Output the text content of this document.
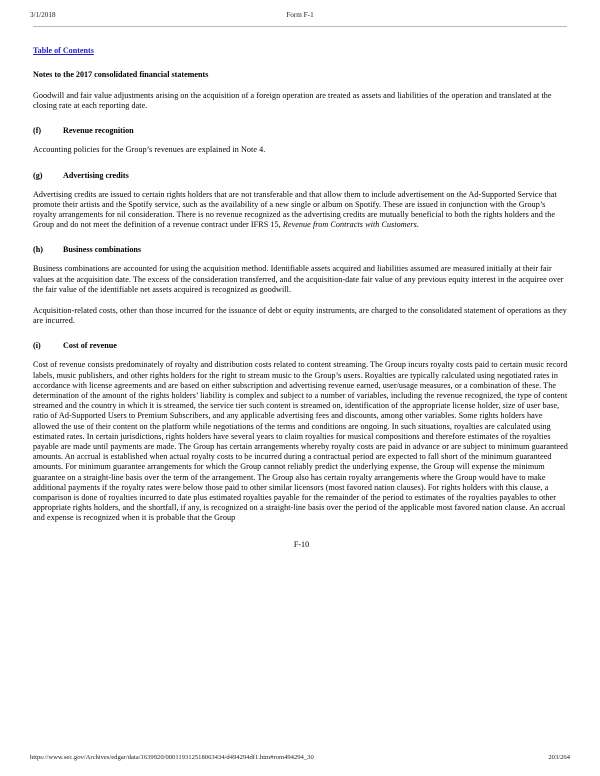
3/1/2018	Form F-1
Table of Contents
Notes to the 2017 consolidated financial statements

Goodwill and fair value adjustments arising on the acquisition of a foreign operation are treated as assets and liabilities of the operation and translated at the closing rate at each reporting date.

(f)	Revenue recognition

Accounting policies for the Group’s revenues are explained in Note 4.

(g)	Advertising credits

Advertising credits are issued to certain rights holders that are not transferable and that allow them to include advertisement on the Ad-Supported Service that promote their artists and the Spotify service, such as the availability of a new single or album on Spotify. These are issued in conjunction with the Group’s royalty arrangements for nil consideration. There is no revenue recognized as the advertising credits are mutually beneficial to both the rights holders and the Group and do not meet the definition of a revenue contract under IFRS 15, Revenue from Contracts with Customers.

(h)	Business combinations

Business combinations are accounted for using the acquisition method. Identifiable assets acquired and liabilities assumed are measured initially at their fair values at the acquisition date. The excess of the consideration transferred, and the acquisition-date fair value of any previous equity interest in the acquiree over the fair value of the identifiable net assets acquired is recognized as goodwill.

Acquisition-related costs, other than those incurred for the issuance of debt or equity instruments, are charged to the consolidated statement of operations as they are incurred.

(i)	Cost of revenue

Cost of revenue consists predominately of royalty and distribution costs related to content streaming. The Group incurs royalty costs paid to certain music record labels, music publishers, and other rights holders for the right to stream music to the Group’s users. Royalties are typically calculated using negotiated rates in accordance with license agreements and are based on either subscription and advertising revenue earned, user/usage measures, or a combination of these. The determination of the amount of the rights holders’ liability is complex and subject to a number of variables, including the revenue recognized, the type of content streamed and the country in which it is streamed, the service tier such content is streamed on, identification of the appropriate license holder, size of user base, ratio of Ad-Supported Users to Premium Subscribers, and any applicable advertising fees and discounts, among other variables. Some rights holders have allowed the use of their content on the platform while negotiations of the terms and conditions are ongoing. In such situations, royalties are calculated using estimated rates. In certain jurisdictions, rights holders have several years to claim royalties for musical compositions and therefore estimates of the royalties payable are made until payments are made. The Group has certain arrangements whereby royalty costs are paid in advance or are subject to minimum guaranteed amounts. An accrual is established when actual royalty costs to be incurred during a contractual period are expected to fall short of the minimum guaranteed amounts. For minimum guarantee arrangements for which the Group cannot reliably predict the underlying expense, the Group will expense the minimum guarantee on a straight-line basis over the term of the arrangement. The Group also has certain royalty arrangements where the Group would have to make additional payments if the royalty rates were below those paid to other similar licensors (most favored nation clauses). For rights holders with this clause, a comparison is done of royalties incurred to date plus estimated royalties payable for the remainder of the period to estimates of the royalties payables to other appropriate rights holders, and the shortfall, if any, is recognized on a straight-line basis over the period of the applicable most favored nation clause. An accrual and expense is recognized when it is probable that the Group

F-10
https://www.sec.gov/Archives/edgar/data/1639920/000119312518063434/d494294df1.htm#rom494294_30	203/264
